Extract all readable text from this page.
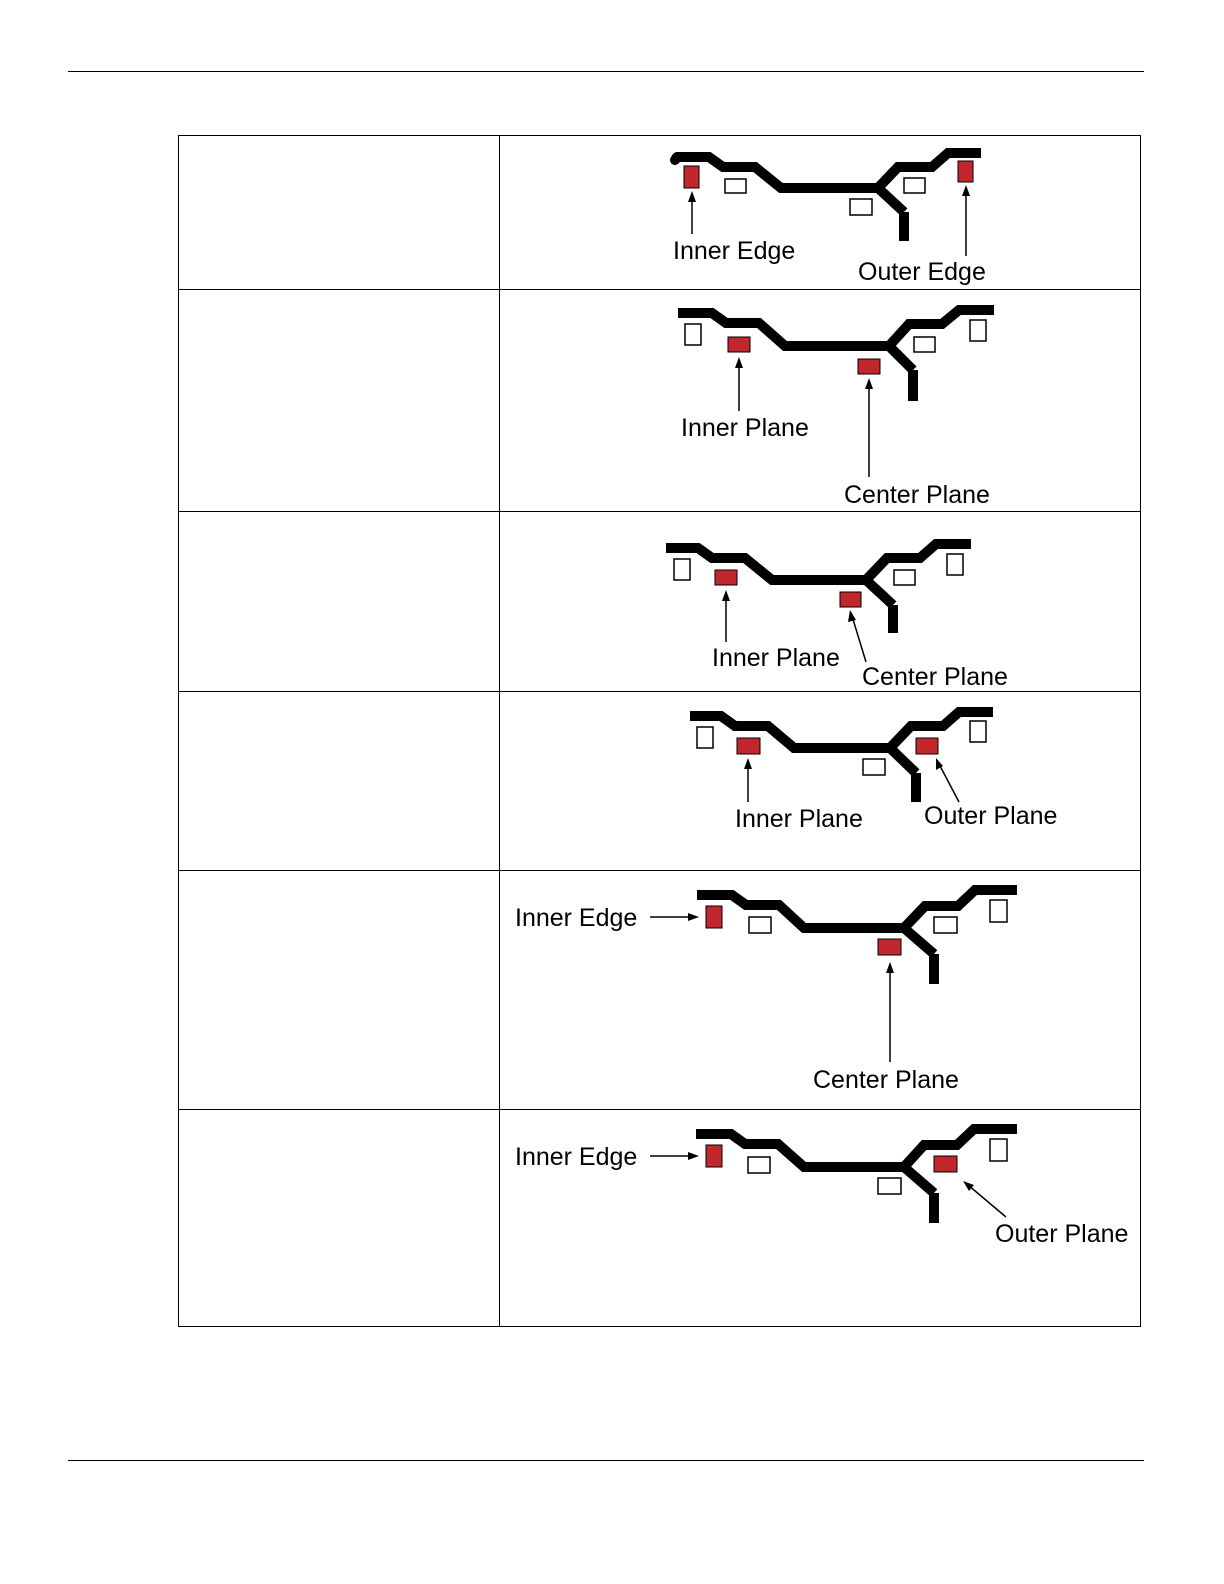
Inner Edge
Outer Edge

Inner Plane
Center Plane

Inner Plane
Center Plane

Inner Plane Outer Plane

Inner Edge
Center Plane

Inner Edge
Outer Plane
